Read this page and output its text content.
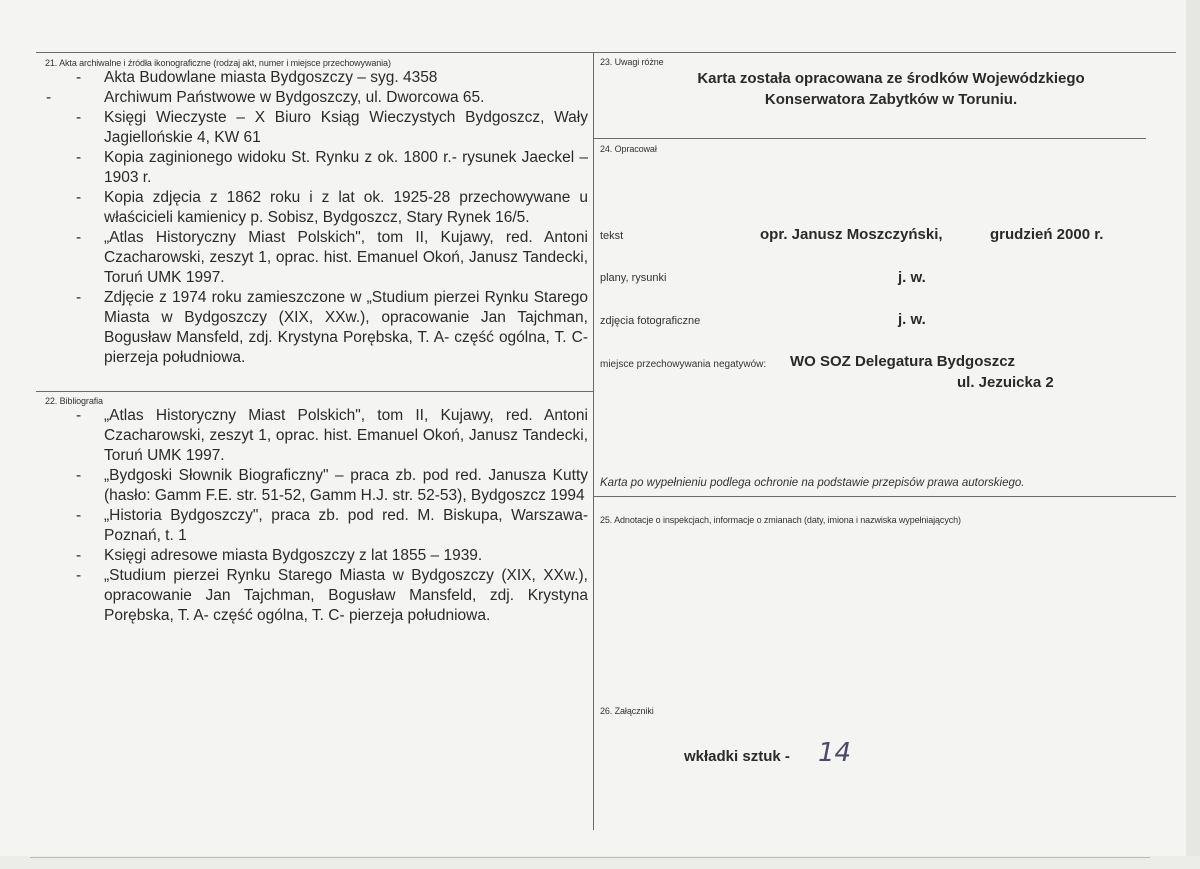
21. Akta archiwalne i źródła ikonograficzne (rodzaj akt, numer i miejsce przechowywania)
- Akta Budowlane miasta Bydgoszczy – syg. 4358
-	Archiwum Państwowe w Bydgoszczy, ul. Dworcowa 65.
- Księgi Wieczyste – X Biuro Ksiąg Wieczystych Bydgoszcz, Wały Jagiellońskie 4, KW 61
- Kopia zaginionego widoku St. Rynku z ok. 1800 r.- rysunek Jaeckel – 1903 r.
- Kopia zdjęcia z 1862 roku i z lat ok. 1925-28 przechowywane u właścicieli kamienicy p. Sobisz, Bydgoszcz, Stary Rynek 16/5.
- „Atlas Historyczny Miast Polskich", tom II, Kujawy, red. Antoni Czacharowski, zeszyt 1, oprac. hist. Emanuel Okoń, Janusz Tandecki, Toruń UMK 1997.
- Zdjęcie z 1974 roku zamieszczone w „Studium pierzei Rynku Starego Miasta w Bydgoszczy (XIX, XXw.), opracowanie Jan Tajchman, Bogusław Mansfeld, zdj. Krystyna Porębska, T. A- część ogólna, T. C- pierzeja południowa.
22. Bibliografia
- „Atlas Historyczny Miast Polskich", tom II, Kujawy, red. Antoni Czacharowski, zeszyt 1, oprac. hist. Emanuel Okoń, Janusz Tandecki, Toruń UMK 1997.
- „Bydgoski Słownik Biograficzny" – praca zb. pod red. Janusza Kutty (hasło: Gamm F.E. str. 51-52, Gamm H.J. str. 52-53), Bydgoszcz 1994
- „Historia Bydgoszczy", praca zb. pod red. M. Biskupa, Warszawa-Poznań, t. 1
- Księgi adresowe miasta Bydgoszczy z lat 1855 – 1939.
- „Studium pierzei Rynku Starego Miasta w Bydgoszczy (XIX, XXw.), opracowanie Jan Tajchman, Bogusław Mansfeld, zdj. Krystyna Porębska, T. A- część ogólna, T. C- pierzeja południowa.
23. Uwagi różne
Karta została opracowana ze środków Wojewódzkiego
Konserwatora Zabytków w Toruniu.
24. Opracował
tekst	opr. Janusz Moszczyński,	grudzień 2000 r.
plany, rysunki	j. w.
zdjęcia fotograficzne	j. w.
miejsce przechowywania negatywów: WO SOZ Delegatura Bydgoszcz
ul. Jezuicka 2
Karta po wypełnieniu podlega ochronie na podstawie przepisów prawa autorskiego.
25. Adnotacje o inspekcjach, informacje o zmianach (daty, imiona i nazwiska wypełniających)
26. Załączniki
wkładki sztuk - 14
